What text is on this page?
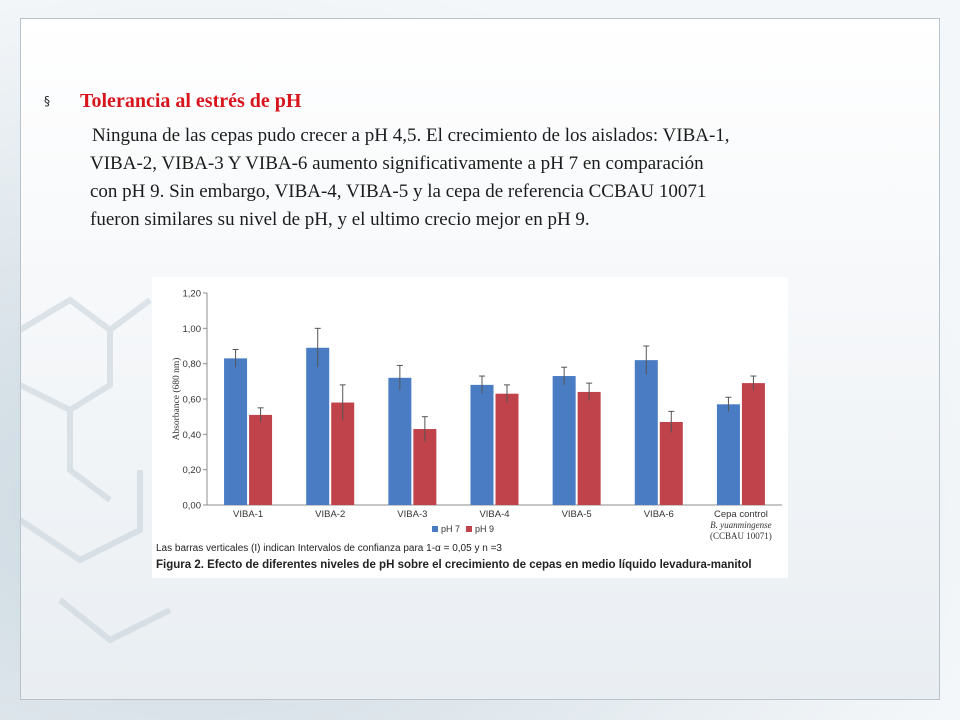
§ Tolerancia al estrés de pH

Ninguna de las cepas pudo crecer a pH 4,5. El crecimiento de los aislados: VIBA-1,

VIBA-2, VIBA-3 Y VIBA-6 aumento significativamente a pH 7 en comparación

con pH 9. Sin embargo, VIBA-4, VIBA-5 y la cepa de referencia CCBAU 10071

fueron similares su nivel de pH, y el ultimo crecio mejor en pH 9.

0,00
0,20
0,40
0,60
0,80
1,00
1,20
Absorbance (680 nm)
VIBA-1	VIBA-2	VIBA-3	VIBA-4	VIBA-5	VIBA-6	Cepa control
B. yuanmingense
(CCBAU 10071)
pH 7 pH 9
Las barras verticales (I) indican Intervalos de confianza para 1-α = 0,05 y n =3
Figura 2. Efecto de diferentes niveles de pH sobre el crecimiento de cepas en medio líquido levadura-manitol
